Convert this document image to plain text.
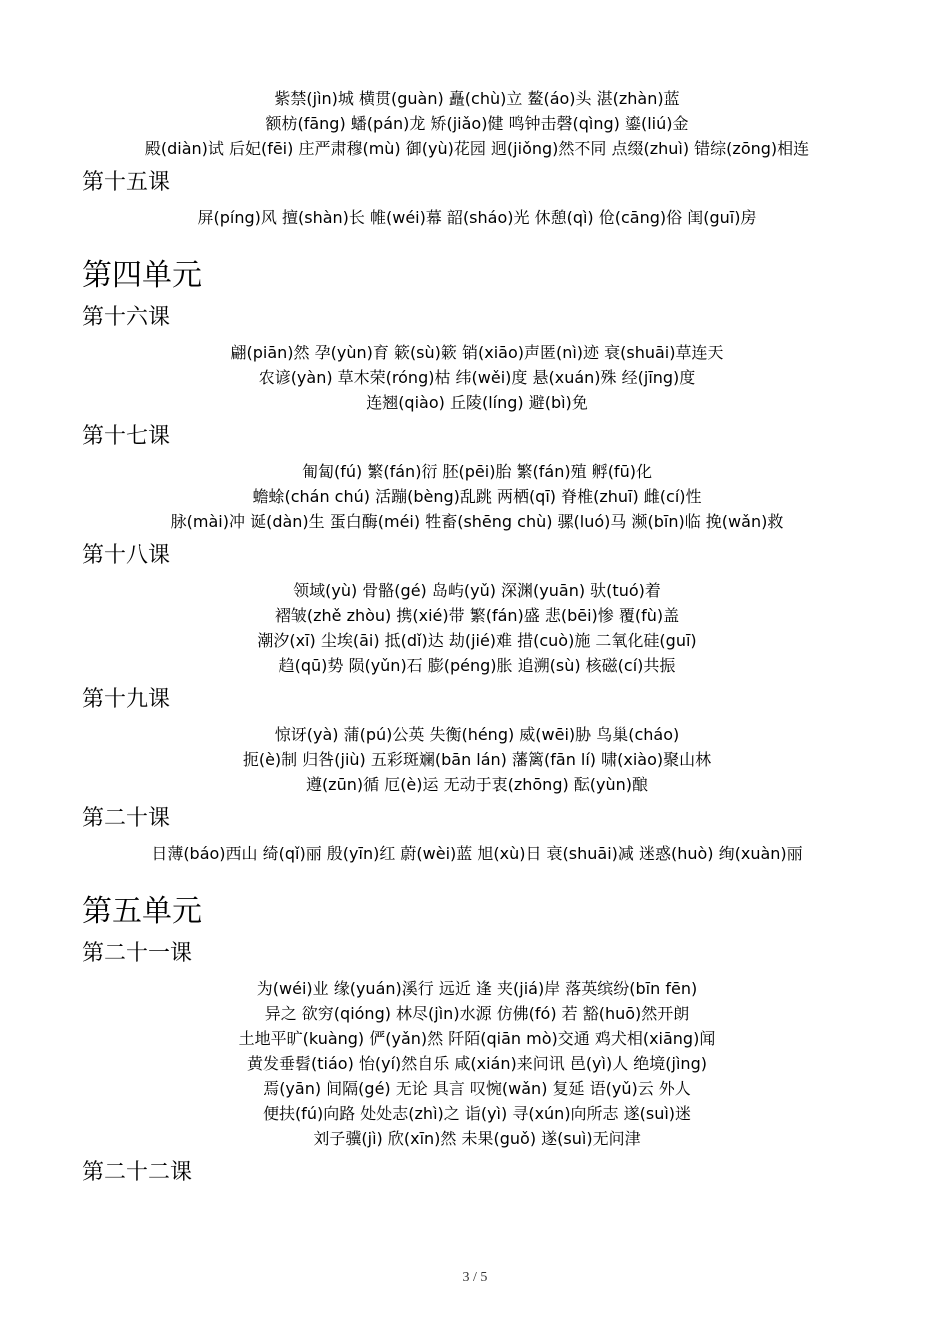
紫禁(jìn)城 横贯(guàn) 矗(chù)立 鳌(áo)头 湛(zhàn)蓝
额枋(fāng) 蟠(pán)龙 矫(jiǎo)健 鸣钟击磬(qìng) 鎏(liú)金
殿(diàn)试 后妃(fēi) 庄严肃穆(mù) 御(yù)花园 迥(jiǒng)然不同 点缀(zhuì) 错综(zōng)相连
第十五课
屏(píng)风 擅(shàn)长 帷(wéi)幕 韶(sháo)光 休憩(qì) 伧(cāng)俗 闺(guī)房
第四单元
第十六课
翩(piān)然 孕(yùn)育 簌(sù)簌 销(xiāo)声匿(nì)迹 衰(shuāi)草连天
农谚(yàn) 草木荣(róng)枯 纬(wěi)度 悬(xuán)殊 经(jīng)度
连翘(qiào) 丘陵(líng) 避(bì)免
第十七课
匍匐(fú) 繁(fán)衍 胚(pēi)胎 繁(fán)殖 孵(fū)化
蟾蜍(chán chú) 活蹦(bèng)乱跳 两栖(qī) 脊椎(zhuī) 雌(cí)性
脉(mài)冲 诞(dàn)生 蛋白酶(méi) 牲畜(shēng chù) 骡(luó)马 濒(bīn)临 挽(wǎn)救
第十八课
领域(yù) 骨骼(gé) 岛屿(yǔ) 深渊(yuān) 驮(tuó)着
褶皱(zhě zhòu) 携(xié)带 繁(fán)盛 悲(bēi)惨 覆(fù)盖
潮汐(xī) 尘埃(āi) 抵(dǐ)达 劫(jié)难 措(cuò)施 二氧化硅(guī)
趋(qū)势 陨(yǔn)石 膨(péng)胀 追溯(sù) 核磁(cí)共振
第十九课
惊讶(yà) 蒲(pú)公英 失衡(héng) 威(wēi)胁 鸟巢(cháo)
扼(è)制 归咎(jiù) 五彩斑斓(bān lán) 藩篱(fān lí) 啸(xiào)聚山林
遵(zūn)循 厄(è)运 无动于衷(zhōng) 酝(yùn)酿
第二十课
日薄(báo)西山 绮(qǐ)丽 殷(yīn)红 蔚(wèi)蓝 旭(xù)日 衰(shuāi)减 迷惑(huò) 绚(xuàn)丽
第五单元
第二十一课
为(wéi)业 缘(yuán)溪行 远近 逢 夹(jiá)岸 落英缤纷(bīn fēn)
异之 欲穷(qióng) 林尽(jìn)水源 仿佛(fó) 若 豁(huō)然开朗
土地平旷(kuàng) 俨(yǎn)然 阡陌(qiān mò)交通 鸡犬相(xiāng)闻
黄发垂髫(tiáo) 怡(yí)然自乐 咸(xián)来问讯 邑(yì)人 绝境(jìng)
焉(yān) 间隔(gé) 无论 具言 叹惋(wǎn) 复延 语(yǔ)云 外人
便扶(fú)向路 处处志(zhì)之 诣(yì) 寻(xún)向所志 遂(suì)迷
刘子骥(jì) 欣(xīn)然 未果(guǒ) 遂(suì)无问津
第二十二课
3 / 5
